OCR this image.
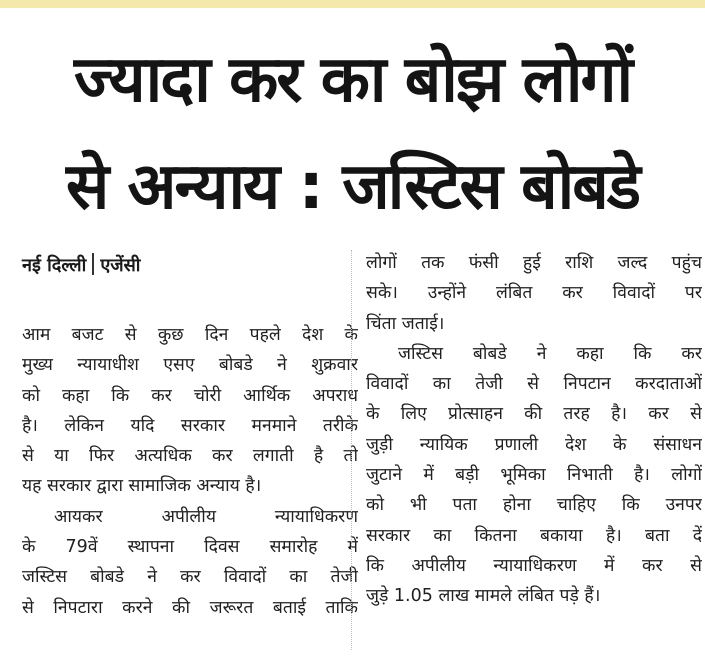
ज्यादा कर का बोझ लोगों
से अन्याय : जस्टिस बोबडे
नई दिल्ली एजेंसी
आम बजट से कुछ दिन पहले देश के
मुख्य न्यायाधीश एसए बोबडे ने शुक्रवार
को कहा कि कर चोरी आर्थिक अपराध
है। लेकिन यदि सरकार मनमाने तरीके
से या फिर अत्यधिक कर लगाती है तो
यह सरकार द्वारा सामाजिक अन्याय है।
आयकर अपीलीय न्यायाधिकरण
के 79वें स्थापना दिवस समारोह में
जस्टिस बोबडे ने कर विवादों का तेजी
से निपटारा करने की जरूरत बताई ताकि
लोगों तक फंसी हुई राशि जल्द पहुंच
सके। उन्होंने लंबित कर विवादों पर
चिंता जताई।
जस्टिस बोबडे ने कहा कि कर
विवादों का तेजी से निपटान करदाताओं
के लिए प्रोत्साहन की तरह है। कर से
जुड़ी न्यायिक प्रणाली देश के संसाधन
जुटाने में बड़ी भूमिका निभाती है। लोगों
को भी पता होना चाहिए कि उनपर
सरकार का कितना बकाया है। बता दें
कि अपीलीय न्यायाधिकरण में कर से
जुड़े 1.05 लाख मामले लंबित पड़े हैं।
